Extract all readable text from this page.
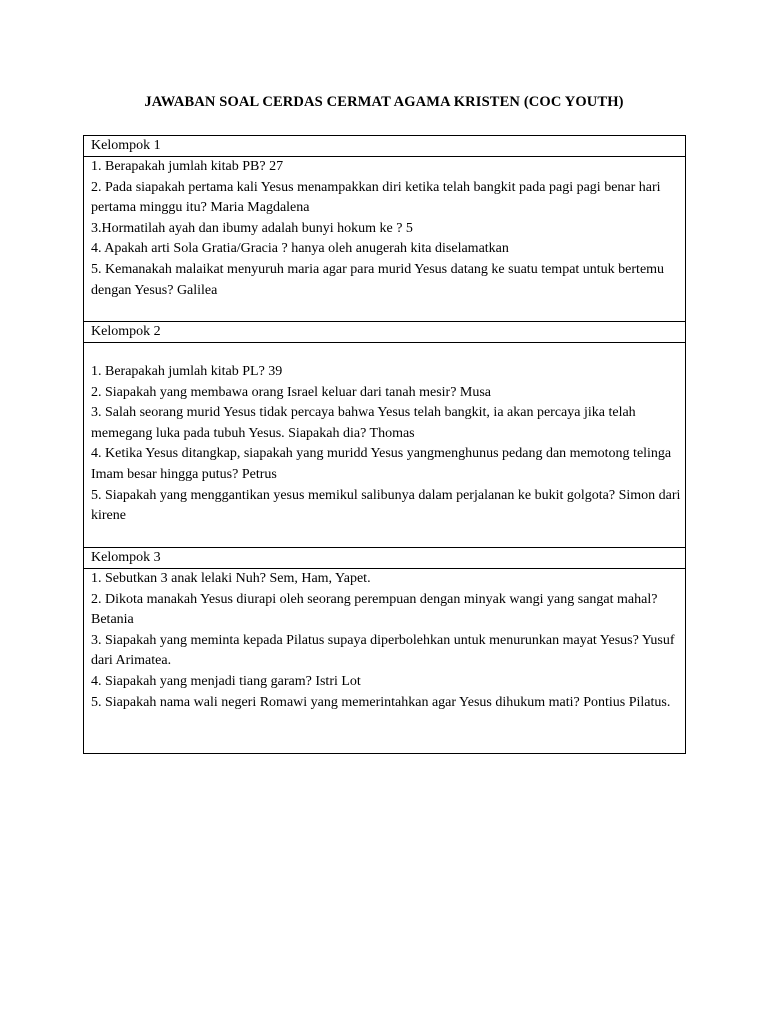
JAWABAN SOAL CERDAS CERMAT AGAMA KRISTEN (COC YOUTH)
Kelompok 1

1. Berapakah jumlah kitab PB? 27
2. Pada siapakah pertama kali Yesus menampakkan diri ketika telah bangkit pada pagi pagi benar hari pertama minggu itu? Maria Magdalena
3.Hormatilah ayah dan ibumy adalah bunyi hokum ke ? 5
4. Apakah arti Sola Gratia/Gracia ? hanya oleh anugerah kita diselamatkan
5. Kemanakah malaikat menyuruh maria agar para murid Yesus datang ke suatu tempat untuk bertemu dengan Yesus? Galilea

Kelompok 2

1. Berapakah jumlah kitab PL? 39
2. Siapakah yang membawa orang Israel keluar dari tanah mesir? Musa
3. Salah seorang murid Yesus tidak percaya bahwa Yesus telah bangkit, ia akan percaya jika telah memegang luka pada tubuh Yesus. Siapakah dia? Thomas
4. Ketika Yesus ditangkap, siapakah yang muridd Yesus yangmenghunus pedang dan memotong telinga Imam besar hingga putus? Petrus
5. Siapakah yang menggantikan yesus memikul salibunya dalam perjalanan ke bukit golgota? Simon dari kirene

Kelompok 3

1. Sebutkan 3 anak lelaki Nuh? Sem, Ham, Yapet.
2. Dikota manakah Yesus diurapi oleh seorang perempuan dengan minyak wangi yang sangat mahal? Betania
3. Siapakah yang meminta kepada Pilatus supaya diperbolehkan untuk menurunkan mayat Yesus? Yusuf dari Arimatea.
4. Siapakah yang menjadi tiang garam? Istri Lot
5. Siapakah nama wali negeri Romawi yang memerintahkan agar Yesus dihukum mati? Pontius Pilatus.
